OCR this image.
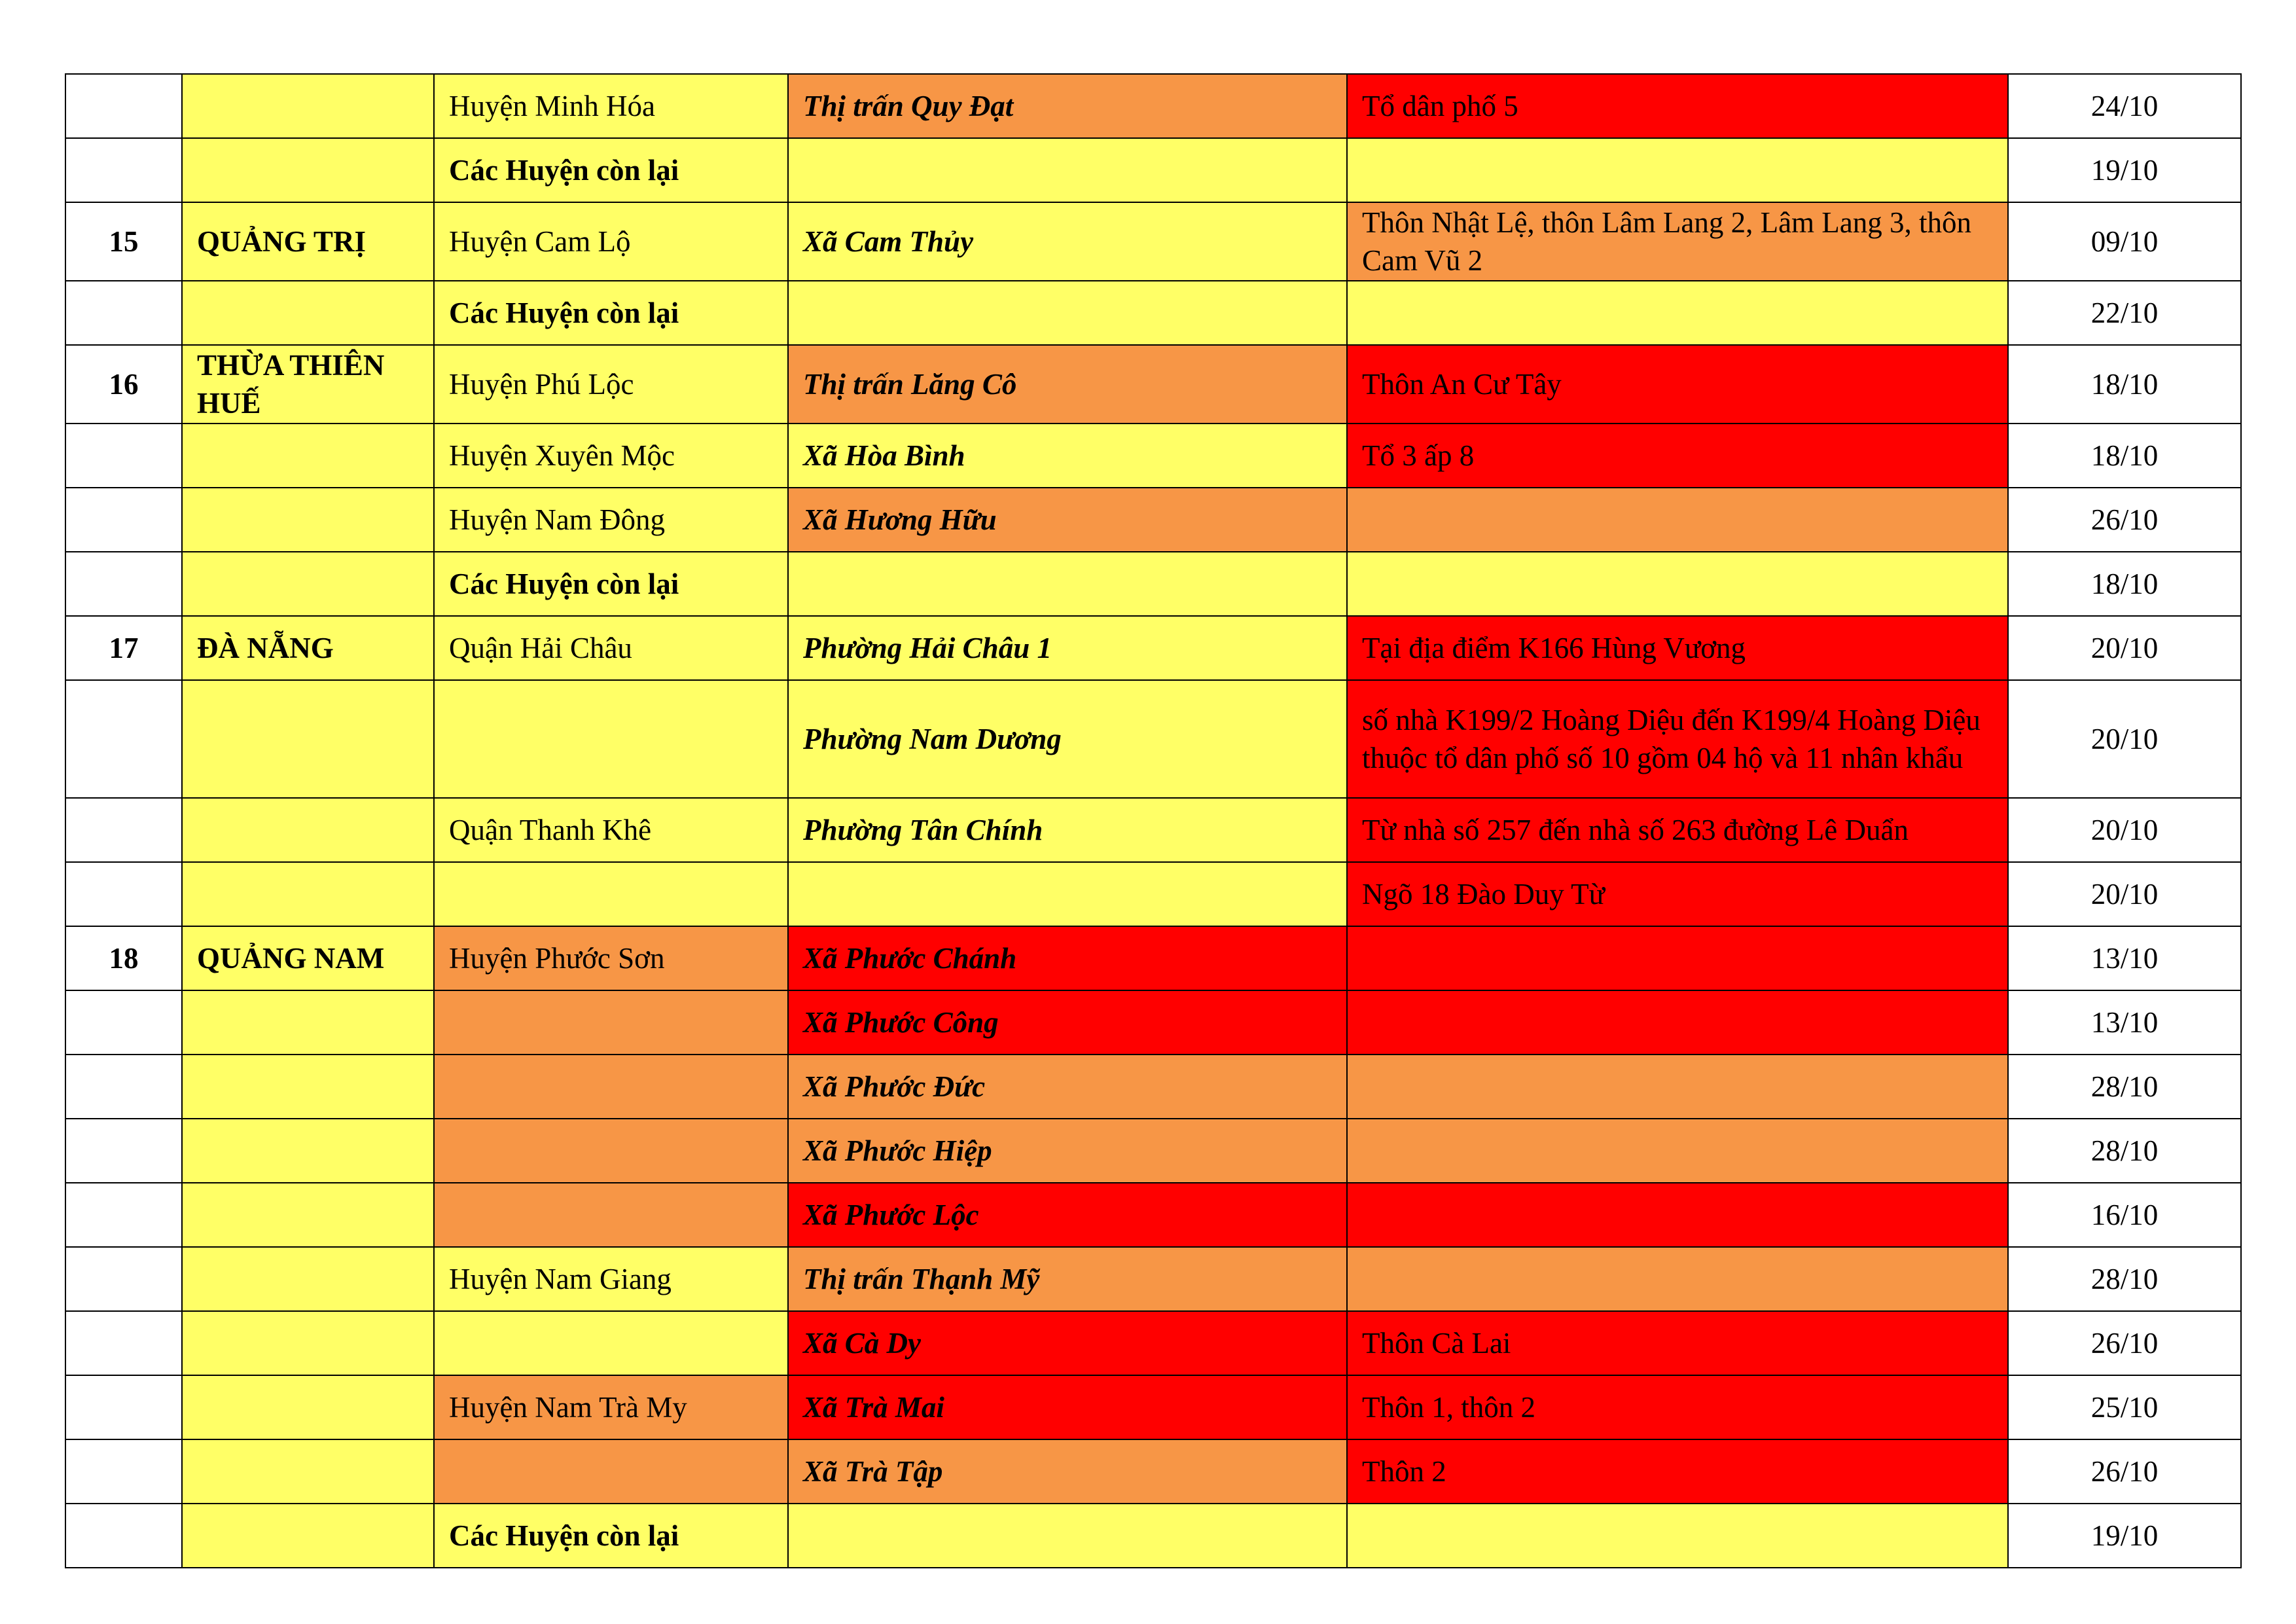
		Huyện Minh Hóa	Thị trấn Quy Đạt	Tổ dân phố 5	24/10
		Các Huyện còn lại			19/10
15	QUẢNG TRỊ	Huyện Cam Lộ	Xã Cam Thủy	Thôn Nhật Lệ, thôn Lâm Lang 2, Lâm Lang 3, thôn Cam Vũ 2	09/10
		Các Huyện còn lại			22/10
16	THỪA THIÊN HUẾ	Huyện Phú Lộc	Thị trấn Lăng Cô	Thôn An Cư Tây	18/10
		Huyện Xuyên Mộc	Xã Hòa Bình	Tổ 3 ấp 8	18/10
		Huyện Nam Đông	Xã Hương Hữu		26/10
		Các Huyện còn lại			18/10
17	ĐÀ NẴNG	Quận Hải Châu	Phường Hải Châu 1	Tại địa điểm K166 Hùng Vương	20/10
			Phường Nam Dương	số nhà K199/2 Hoàng Diệu đến K199/4 Hoàng Diệu thuộc tổ dân phố số 10 gồm 04 hộ và 11 nhân khẩu	20/10
		Quận Thanh Khê	Phường Tân Chính	Từ nhà số 257 đến nhà số 263 đường Lê Duẩn	20/10
				Ngõ 18 Đào Duy Từ	20/10
18	QUẢNG NAM	Huyện Phước Sơn	Xã Phước Chánh		13/10
			Xã Phước Công		13/10
			Xã Phước Đức		28/10
			Xã Phước Hiệp		28/10
			Xã Phước Lộc		16/10
		Huyện Nam Giang	Thị trấn Thạnh Mỹ		28/10
			Xã Cà Dy	Thôn Cà Lai	26/10
		Huyện Nam Trà My	Xã Trà Mai	Thôn 1, thôn 2	25/10
			Xã Trà Tập	Thôn 2	26/10
		Các Huyện còn lại			19/10
